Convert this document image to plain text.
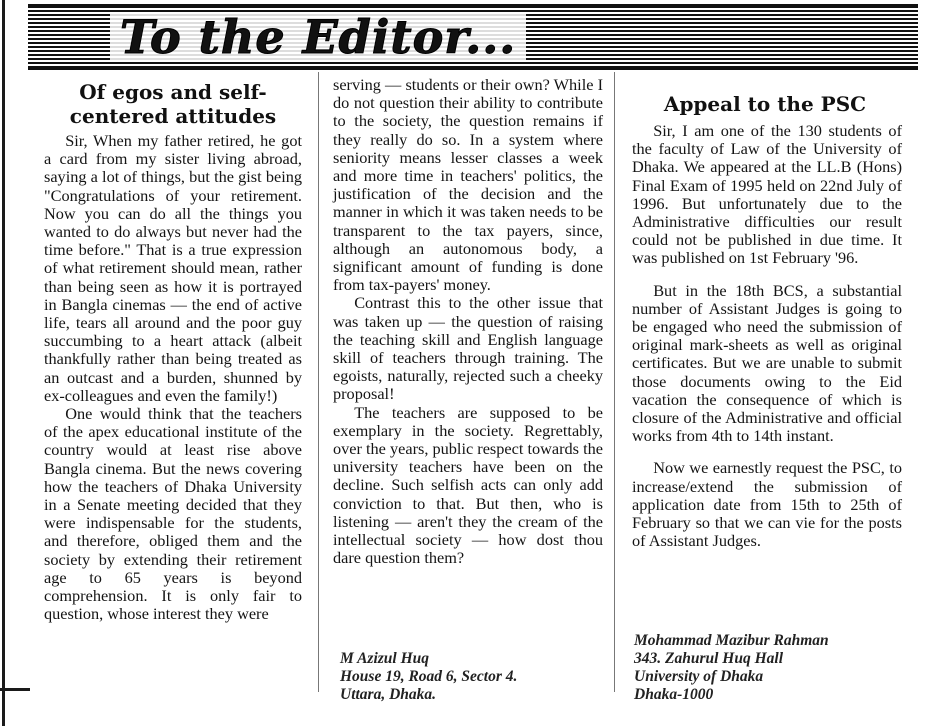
To the Editor...
Of egos and self-centered attitudes

Sir, When my father retired, he got a card from my sister living abroad, saying a lot of things, but the gist being "Congratulations of your retirement. Now you can do all the things you wanted to do always but never had the time before." That is a true expression of what retirement should mean, rather than being seen as how it is portrayed in Bangla cinemas — the end of active life, tears all around and the poor guy succumbing to a heart attack (albeit thankfully rather than being treated as an outcast and a burden, shunned by ex-colleagues and even the family!)

One would think that the teachers of the apex educational institute of the country would at least rise above Bangla cinema. But the news covering how the teachers of Dhaka University in a Senate meeting decided that they were indispensable for the students, and therefore, obliged them and the society by extending their retirement age to 65 years is beyond comprehension. It is only fair to question, whose interest they were

serving — students or their own? While I do not question their ability to contribute to the society, the question remains if they really do so. In a system where seniority means lesser classes a week and more time in teachers' politics, the justification of the decision and the manner in which it was taken needs to be transparent to the tax payers, since, although an autonomous body, a significant amount of funding is done from tax-payers' money.

Contrast this to the other issue that was taken up — the question of raising the teaching skill and English language skill of teachers through training. The egoists, naturally, rejected such a cheeky proposal!

The teachers are supposed to be exemplary in the society. Regrettably, over the years, public respect towards the university teachers have been on the decline. Such selfish acts can only add conviction to that. But then, who is listening — aren't they the cream of the intellectual society — how dost thou dare question them?

M Azizul Huq
House 19, Road 6, Sector 4.
Uttara, Dhaka.
Appeal to the PSC

Sir, I am one of the 130 students of the faculty of Law of the University of Dhaka. We appeared at the LL.B (Hons) Final Exam of 1995 held on 22nd July of 1996. But unfortunately due to the Administrative difficulties our result could not be published in due time. It was published on 1st February '96.

But in the 18th BCS, a substantial number of Assistant Judges is going to be engaged who need the submission of original mark-sheets as well as original certificates. But we are unable to submit those documents owing to the Eid vacation the consequence of which is closure of the Administrative and official works from 4th to 14th instant.

Now we earnestly request the PSC, to increase/extend the submission of application date from 15th to 25th of February so that we can vie for the posts of Assistant Judges.

Mohammad Mazibur Rahman
343. Zahurul Huq Hall
University of Dhaka
Dhaka-1000
